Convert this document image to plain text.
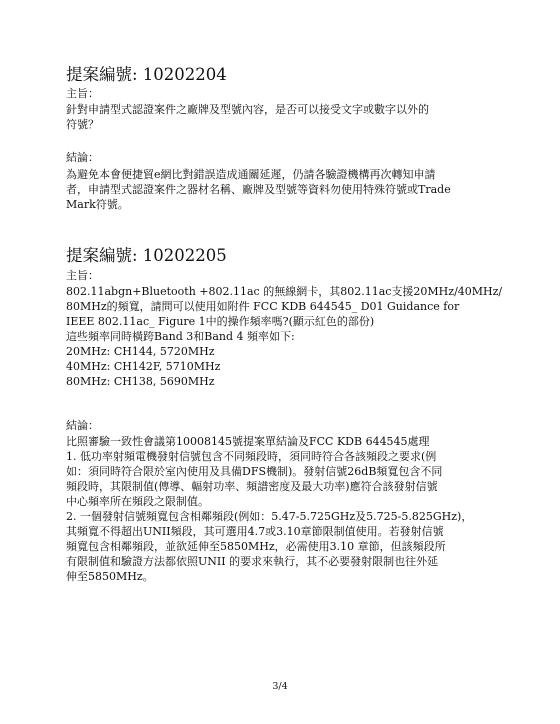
提案編號: 10202204
主旨：
針對申請型式認證案件之廠牌及型號內容，是否可以接受文字或數字以外的
符號？
結論：
為避免本會便捷貿e網比對錯誤造成通關延遲，仍請各驗證機構再次轉知申請
者，申請型式認證案件之器材名稱、廠牌及型號等資料勿使用特殊符號或Trade
Mark符號。
提案編號: 10202205
主旨：
802.11abgn+Bluetooth +802.11ac 的無線網卡，其802.11ac支援20MHz/40MHz/
80MHz的頻寬，請問可以使用如附件 FCC KDB 644545_ D01 Guidance for
IEEE 802.11ac_ Figure 1中的操作頻率嗎?(顯示紅色的部份)
這些頻率同時橫跨Band 3和Band 4 頻率如下:
20MHz: CH144, 5720MHz
40MHz: CH142F, 5710MHz
80MHz: CH138, 5690MHz
結論：
比照審驗一致性會議第10008145號提案單結論及FCC KDB 644545處理
1. 低功率射頻電機發射信號包含不同頻段時，須同時符合各該頻段之要求(例
如：須同時符合限於室內使用及具備DFS機制)。發射信號26dB頻寬包含不同
頻段時，其限制值(傳導、輻射功率、頻譜密度及最大功率)應符合該發射信號
中心頻率所在頻段之限制值。
2. 一個發射信號頻寬包含相鄰頻段(例如：5.47-5.725GHz及5.725-5.825GHz)，
其頻寬不得超出UNII頻段，其可選用4.7或3.10章節限制值使用。若發射信號
頻寬包含相鄰頻段，並欲延伸至5850MHz，必需使用3.10 章節，但該頻段所
有限制值和驗證方法都依照UNII 的要求來執行，其不必要發射限制也往外延
伸至5850MHz。
3/4
